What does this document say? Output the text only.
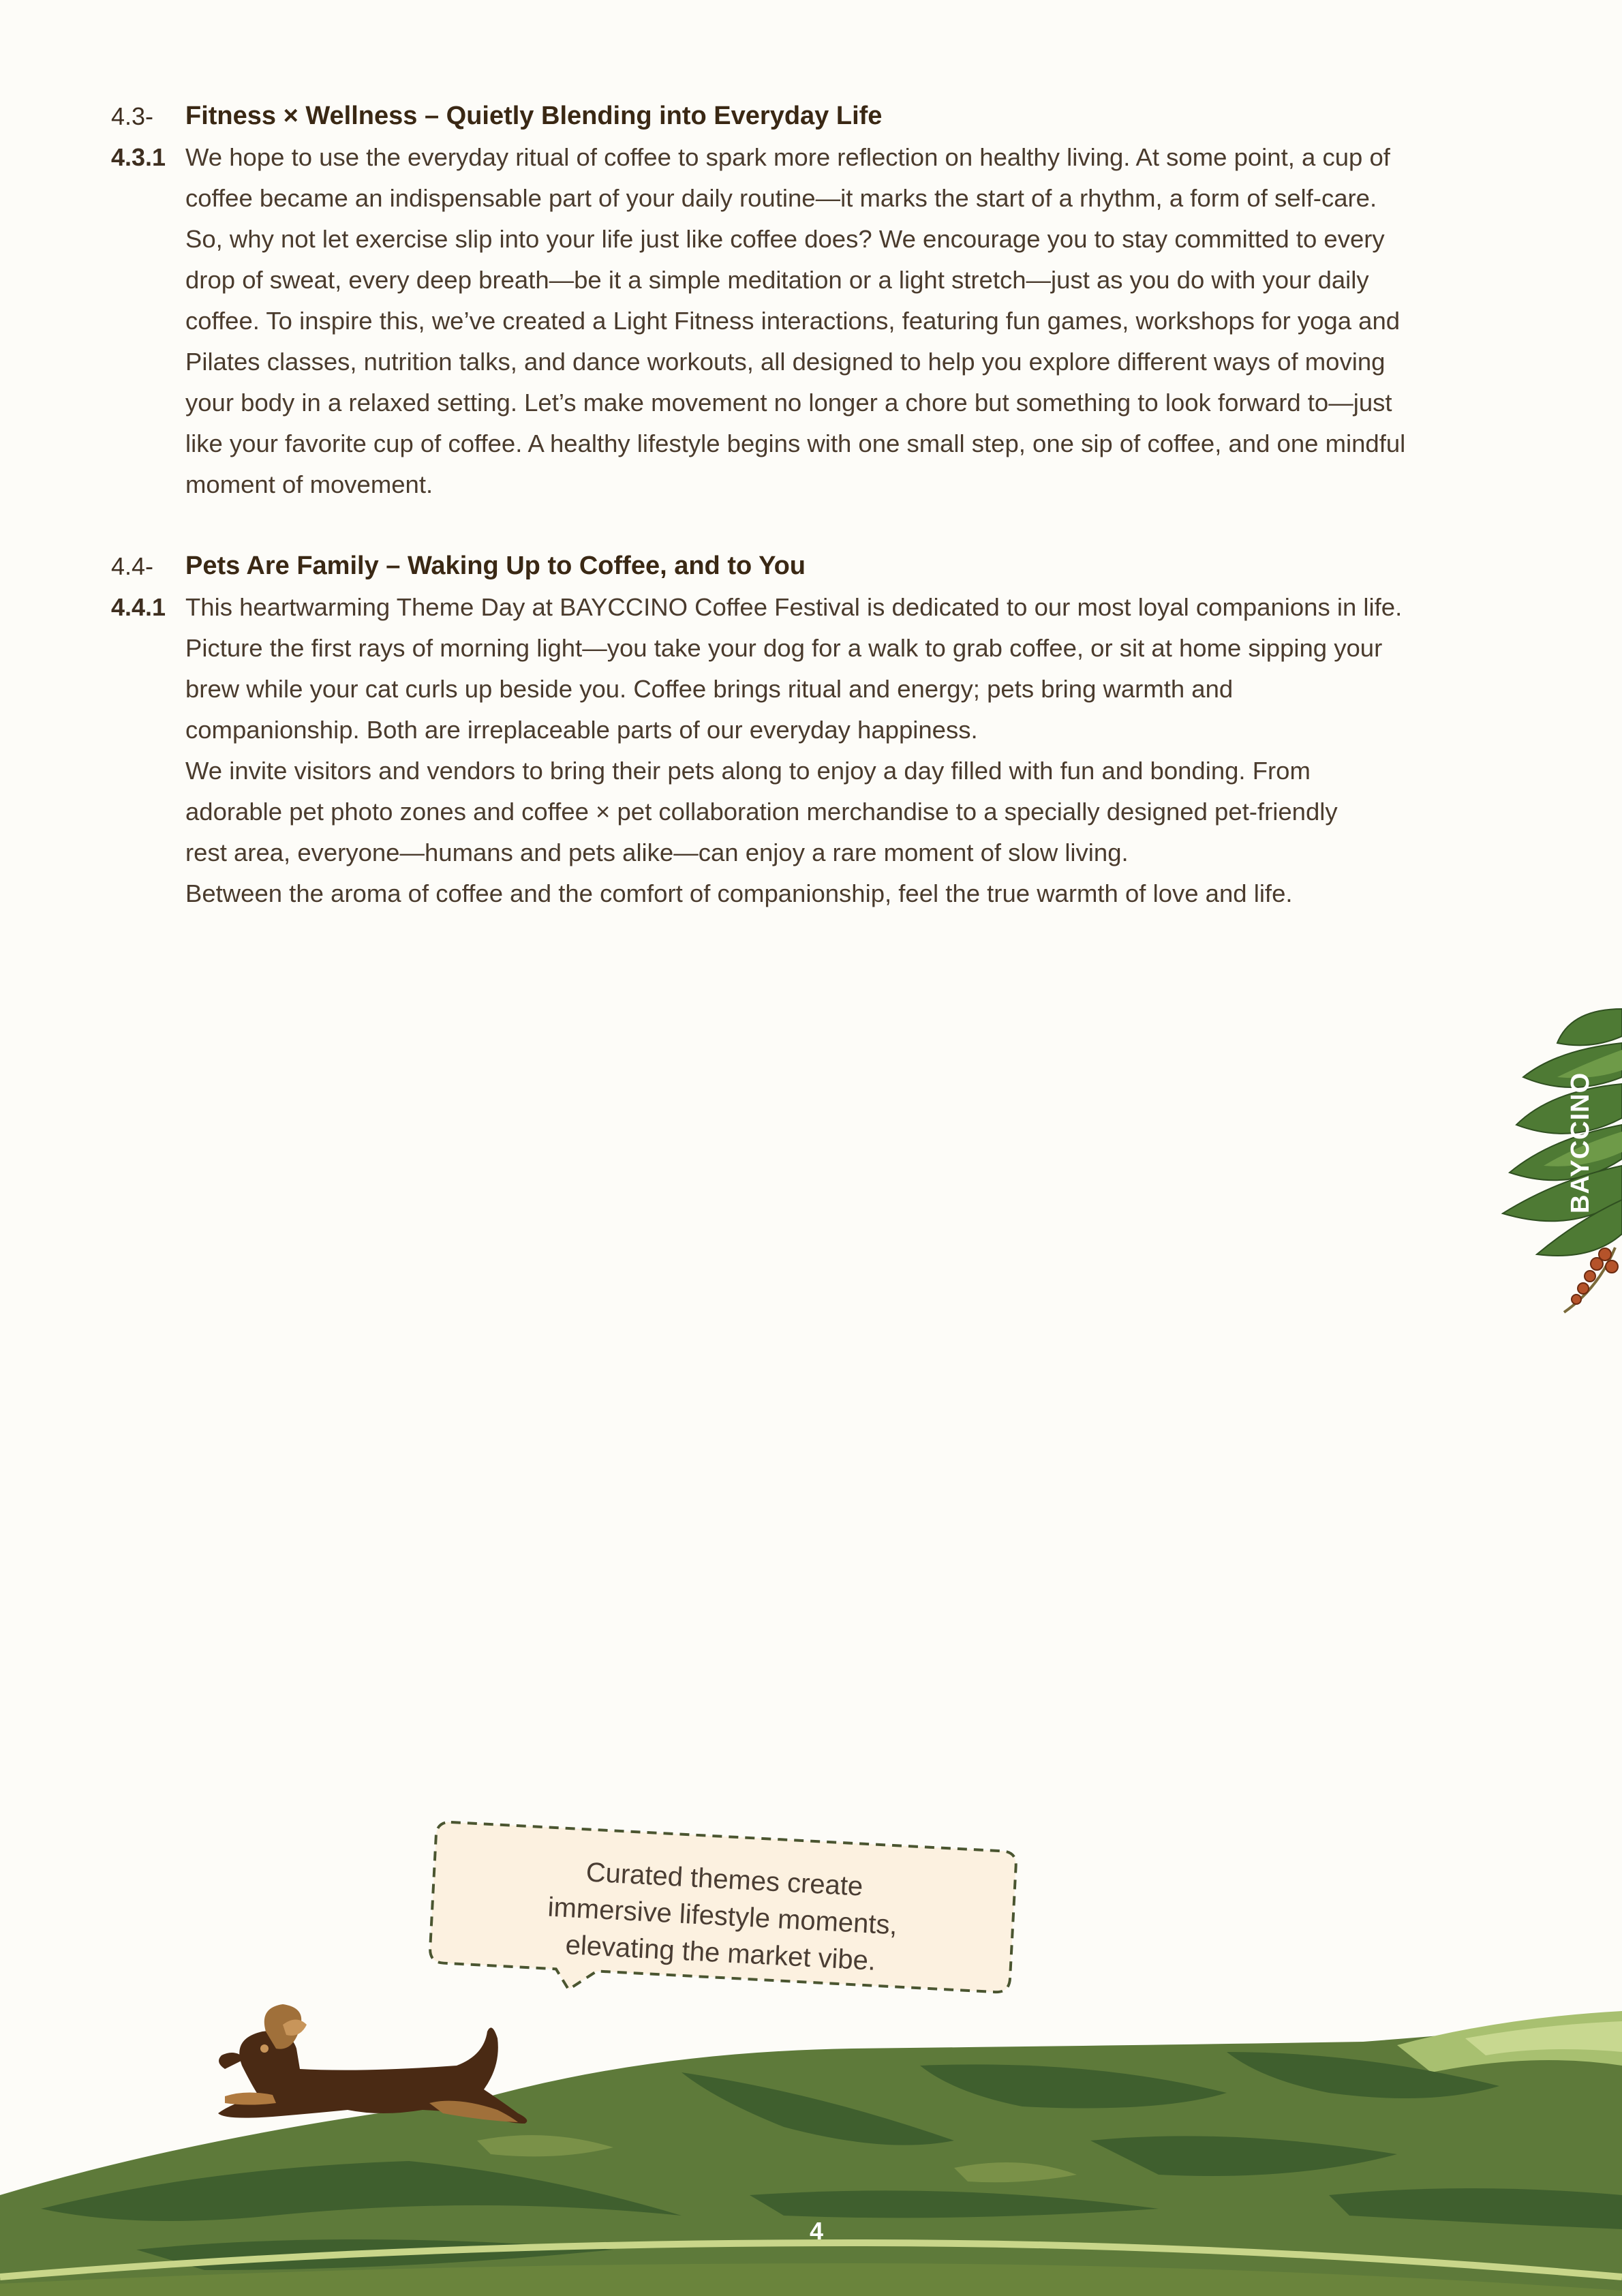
4.3- Fitness × Wellness – Quietly Blending into Everyday Life
4.3.1 We hope to use the everyday ritual of coffee to spark more reflection on healthy living. At some point, a cup of

coffee became an indispensable part of your daily routine—it marks the start of a rhythm, a form of self-care.

So, why not let exercise slip into your life just like coffee does? We encourage you to stay committed to every

drop of sweat, every deep breath—be it a simple meditation or a light stretch—just as you do with your daily

coffee. To inspire this, we’ve created a Light Fitness interactions, featuring fun games, workshops for yoga and

Pilates classes, nutrition talks, and dance workouts, all designed to help you explore different ways of moving

your body in a relaxed setting. Let’s make movement no longer a chore but something to look forward to—just

like your favorite cup of coffee. A healthy lifestyle begins with one small step, one sip of coffee, and one mindful

moment of movement.

4.4- Pets Are Family – Waking Up to Coffee, and to You
4.4.1 This heartwarming Theme Day at BAYCCINO Coffee Festival is dedicated to our most loyal companions in life.

Picture the first rays of morning light—you take your dog for a walk to grab coffee, or sit at home sipping your

brew while your cat curls up beside you. Coffee brings ritual and energy; pets bring warmth and

companionship. Both are irreplaceable parts of our everyday happiness.

We invite visitors and vendors to bring their pets along to enjoy a day filled with fun and bonding. From

adorable pet photo zones and coffee × pet collaboration merchandise to a specially designed pet-friendly

rest area, everyone—humans and pets alike—can enjoy a rare moment of slow living.

Between the aroma of coffee and the comfort of companionship, feel the true warmth of love and life.

BAYCCINO
Curated themes create
immersive lifestyle moments,
elevating the market vibe.
4
